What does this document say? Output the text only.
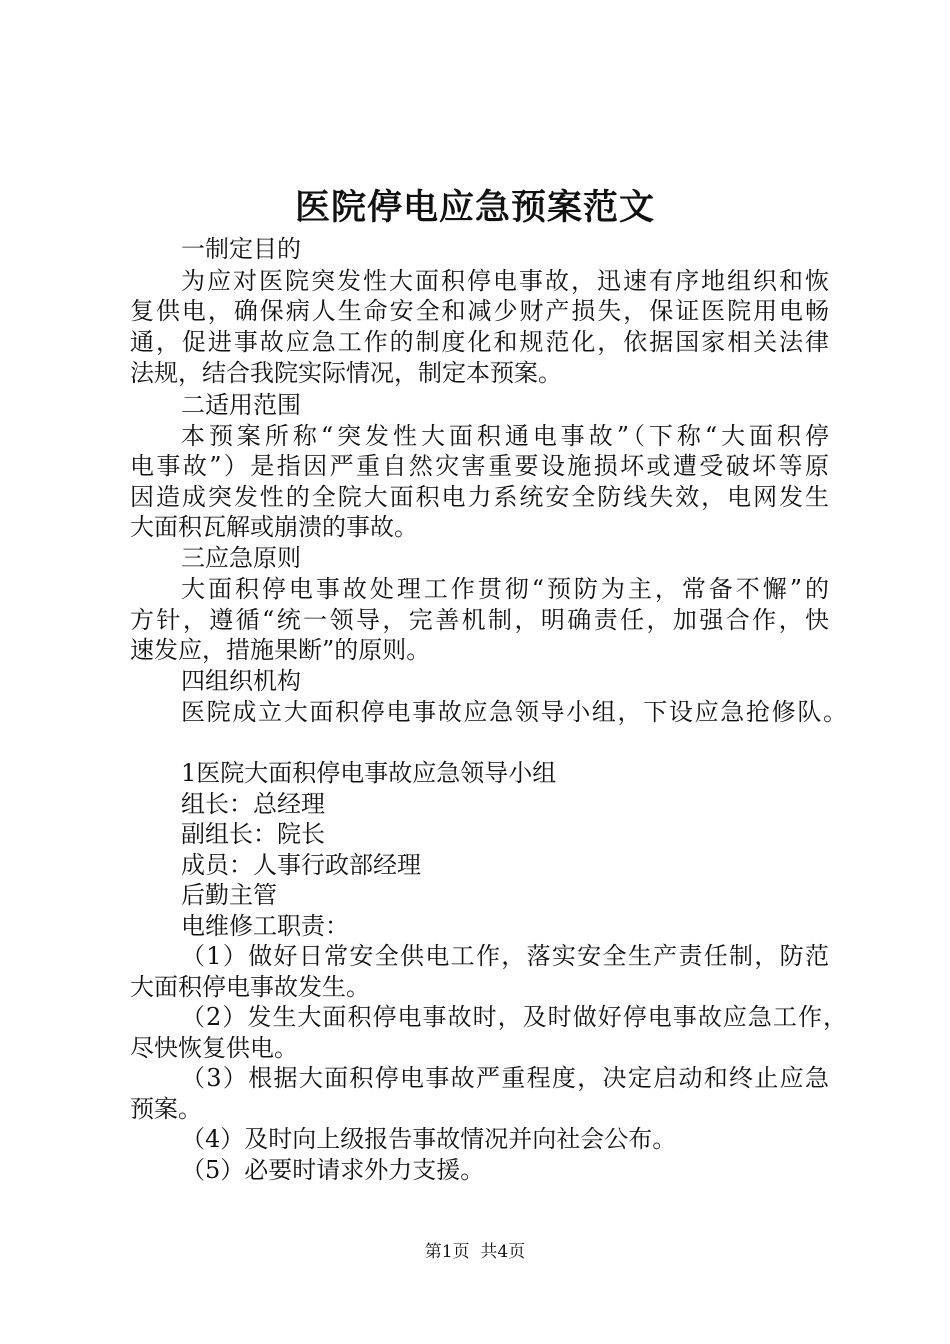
医院停电应急预案范文
一制定目的
为应对医院突发性大面积停电事故，迅速有序地组织和恢
复供电，确保病人生命安全和减少财产损失，保证医院用电畅
通，促进事故应急工作的制度化和规范化，依据国家相关法律
法规，结合我院实际情况，制定本预案。
二适用范围
本预案所称“突发性大面积通电事故”（下称“大面积停
电事故”）是指因严重自然灾害重要设施损坏或遭受破坏等原
因造成突发性的全院大面积电力系统安全防线失效，电网发生
大面积瓦解或崩溃的事故。
三应急原则
大面积停电事故处理工作贯彻“预防为主，常备不懈”的
方针，遵循“统一领导，完善机制，明确责任，加强合作，快
速发应，措施果断”的原则。
四组织机构
医院成立大面积停电事故应急领导小组，下设应急抢修队。
1医院大面积停电事故应急领导小组
组长：总经理
副组长：院长
成员：人事行政部经理
后勤主管
电维修工职责：
（1）做好日常安全供电工作，落实安全生产责任制，防范
大面积停电事故发生。
（2）发生大面积停电事故时，及时做好停电事故应急工作，
尽快恢复供电。
（3）根据大面积停电事故严重程度，决定启动和终止应急
预案。
（4）及时向上级报告事故情况并向社会公布。
（5）必要时请求外力支援。
第1页  共4页
